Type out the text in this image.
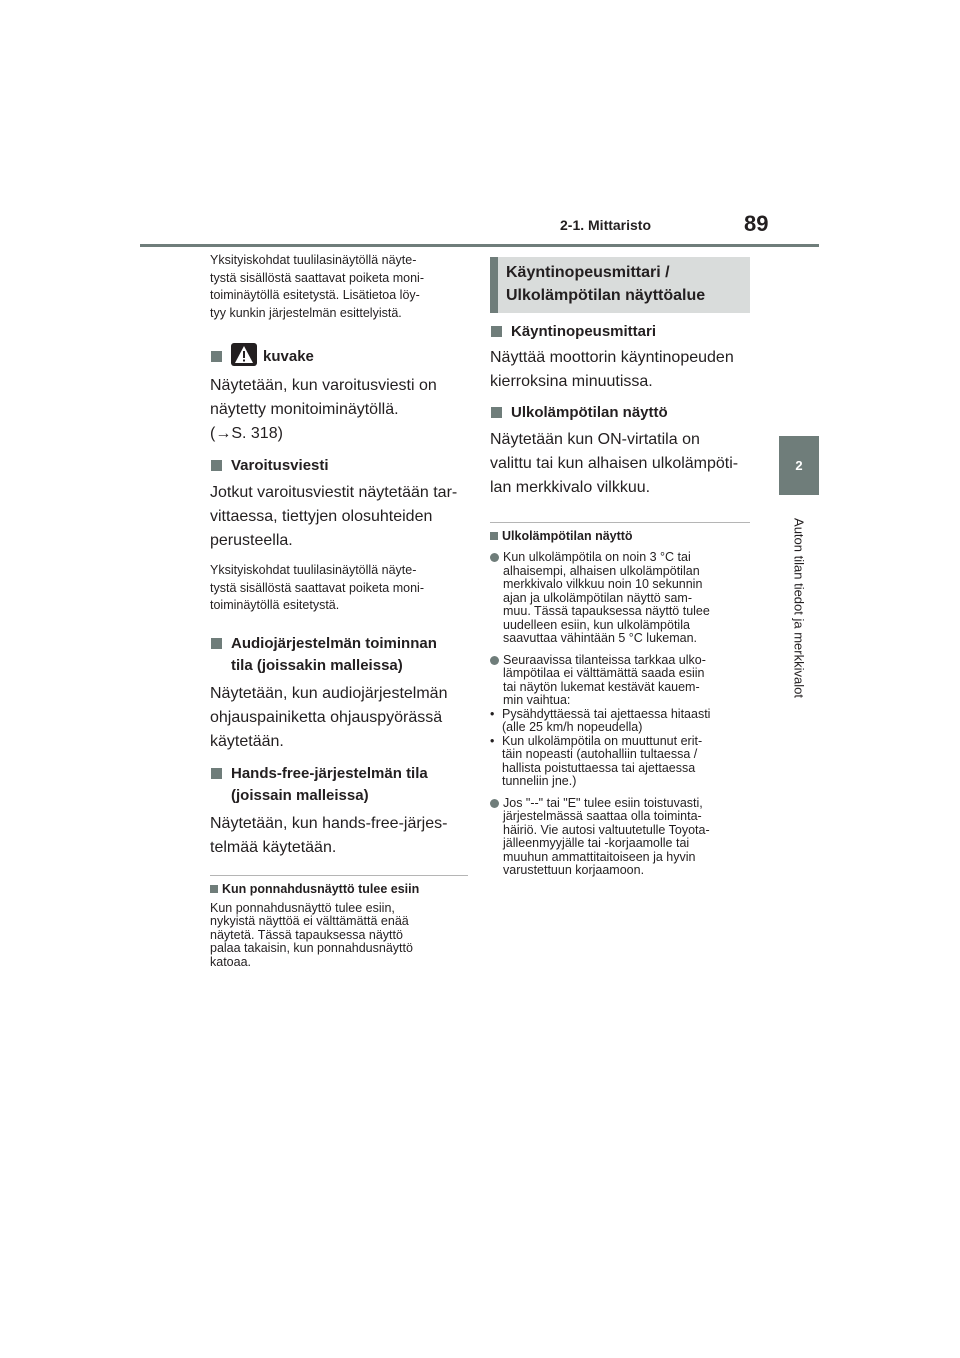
2-1. Mittaristo	89
2
Auton tilan tiedot ja merkkivalot

Yksityiskohdat tuulilasinäytöllä näyte-

tystä sisällöstä saattavat poiketa moni-

toiminäytöllä esitetystä. Lisätietoa löy-

tyy kunkin järjestelmän esittelyistä.

kuvake

Näytetään, kun varoitusviesti on

näytetty monitoiminäytöllä.

(→S. 318)

Varoitusviesti

Jotkut varoitusviestit näytetään tar-

vittaessa, tiettyjen olosuhteiden

perusteella.

Yksityiskohdat tuulilasinäytöllä näyte-

tystä sisällöstä saattavat poiketa moni-

toiminäytöllä esitetystä.

Audiojärjestelmän toiminnan
tila (joissakin malleissa)

Näytetään, kun audiojärjestelmän

ohjauspainiketta ohjauspyörässä

käytetään.

Hands-free-järjestelmän tila
(joissain malleissa)

Näytetään, kun hands-free-järjes-

telmää käytetään.

Kun ponnahdusnäyttö tulee esiin

Kun ponnahdusnäyttö tulee esiin,

nykyistä näyttöä ei välttämättä enää

näytetä. Tässä tapauksessa näyttö

palaa takaisin, kun ponnahdusnäyttö

katoaa.

Käyntinopeusmittari /

Ulkolämpötilan näyttöalue

Käyntinopeusmittari

Näyttää moottorin käyntinopeuden

kierroksina minuutissa.

Ulkolämpötilan näyttö

Näytetään kun ON-virtatila on

valittu tai kun alhaisen ulkolämpöti-

lan merkkivalo vilkkuu.

Ulkolämpötilan näyttö
Kun ulkolämpötila on noin 3 °C tai
alhaisempi, alhaisen ulkolämpötilan
merkkivalo vilkkuu noin 10 sekunnin
ajan ja ulkolämpötilan näyttö sam-
muu. Tässä tapauksessa näyttö tulee
uudelleen esiin, kun ulkolämpötila
saavuttaa vähintään 5 °C lukeman.
Seuraavissa tilanteissa tarkkaa ulko-
lämpötilaa ei välttämättä saada esiin
tai näytön lukemat kestävät kauem-
min vaihtua:
• Pysähdyttäessä tai ajettaessa hitaasti
(alle 25 km/h nopeudella)
• Kun ulkolämpötila on muuttunut erit-
täin nopeasti (autohalliin tultaessa /
hallista poistuttaessa tai ajettaessa
tunneliin jne.)
Jos "--" tai "E" tulee esiin toistuvasti,
järjestelmässä saattaa olla toiminta-
häiriö. Vie autosi valtuutetulle Toyota-
jälleenmyyjälle tai -korjaamolle tai
muuhun ammattitaitoiseen ja hyvin
varustettuun korjaamoon.
